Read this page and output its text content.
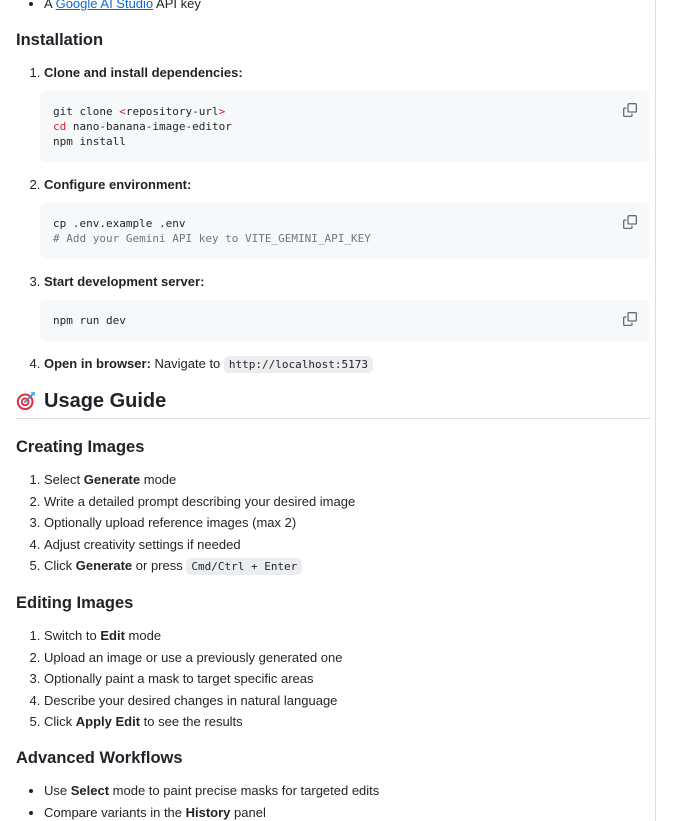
• A Google AI Studio API key
Installation
1. Clone and install dependencies:
git clone <repository-url>
cd nano-banana-image-editor
npm install
2. Configure environment:
cp .env.example .env
# Add your Gemini API key to VITE_GEMINI_API_KEY
3. Start development server:
npm run dev
4. Open in browser: Navigate to http://localhost:5173
Usage Guide
Creating Images
1. Select Generate mode
2. Write a detailed prompt describing your desired image
3. Optionally upload reference images (max 2)
4. Adjust creativity settings if needed
5. Click Generate or press Cmd/Ctrl + Enter
Editing Images
1. Switch to Edit mode
2. Upload an image or use a previously generated one
3. Optionally paint a mask to target specific areas
4. Describe your desired changes in natural language
5. Click Apply Edit to see the results
Advanced Workflows
• Use Select mode to paint precise masks for targeted edits
• Compare variants in the History panel
